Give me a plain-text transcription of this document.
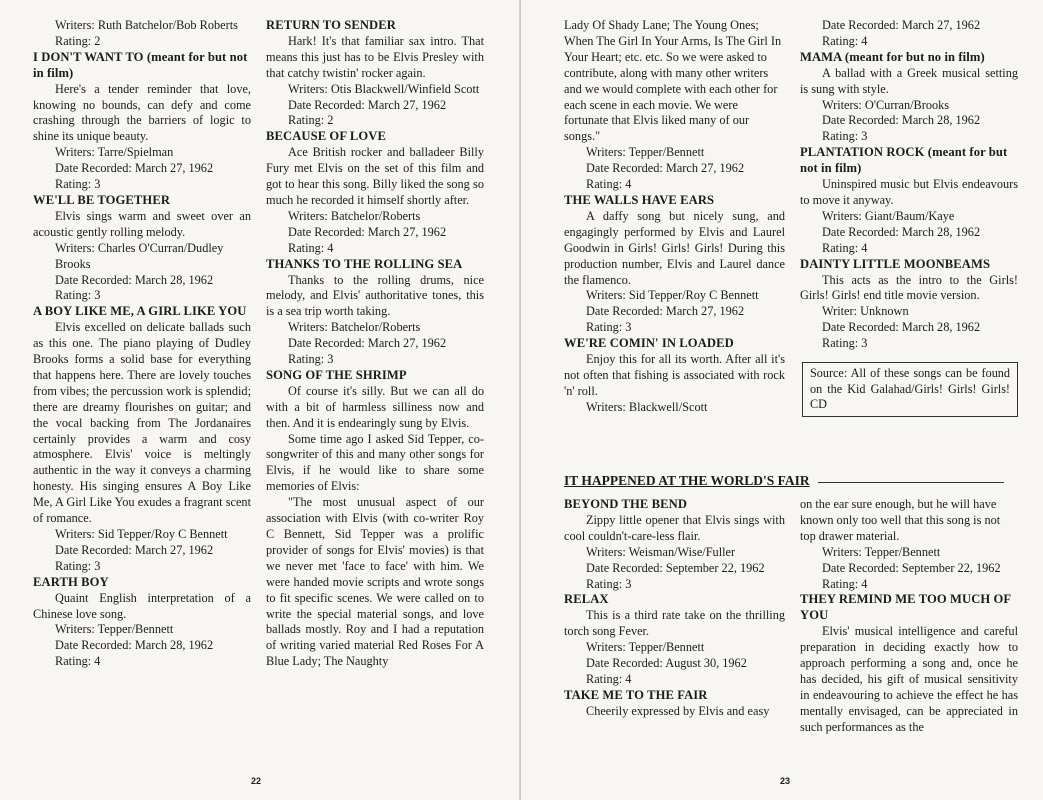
Writers: Ruth Batchelor/Bob Roberts

Rating: 2

I DON'T WANT TO (meant for but not in film)

Here's a tender reminder that love, knowing no bounds, can defy and come crashing through the barriers of logic to shine its unique beauty.

Writers: Tarre/Spielman

Date Recorded: March 27, 1962

Rating: 3

WE'LL BE TOGETHER

Elvis sings warm and sweet over an acoustic gently rolling melody.

Writers: Charles O'Curran/Dudley Brooks

Date Recorded: March 28, 1962

Rating: 3

A BOY LIKE ME, A GIRL LIKE YOU

Elvis excelled on delicate ballads such as this one. The piano playing of Dudley Brooks forms a solid base for everything that happens here. There are lovely touches from vibes; the percussion work is splendid; there are dreamy flourishes on guitar; and the vocal backing from The Jordanaires certainly provides a warm and cosy atmosphere. Elvis' voice is meltingly authentic in the way it conveys a charming honesty. His singing ensures A Boy Like Me, A Girl Like You exudes a fragrant scent of romance.

Writers: Sid Tepper/Roy C Bennett

Date Recorded: March 27, 1962

Rating: 3

EARTH BOY

Quaint English interpretation of a Chinese love song.

Writers: Tepper/Bennett

Date Recorded: March 28, 1962

Rating: 4

RETURN TO SENDER

Hark! It's that familiar sax intro. That means this just has to be Elvis Presley with that catchy twistin' rocker again.

Writers: Otis Blackwell/Winfield Scott

Date Recorded: March 27, 1962

Rating: 2

BECAUSE OF LOVE

Ace British rocker and balladeer Billy Fury met Elvis on the set of this film and got to hear this song. Billy liked the song so much he recorded it himself shortly after.

Writers: Batchelor/Roberts

Date Recorded: March 27, 1962

Rating: 4

THANKS TO THE ROLLING SEA

Thanks to the rolling drums, nice melody, and Elvis' authoritative tones, this is a sea trip worth taking.

Writers: Batchelor/Roberts

Date Recorded: March 27, 1962

Rating: 3

SONG OF THE SHRIMP

Of course it's silly. But we can all do with a bit of harmless silliness now and then. And it is endearingly sung by Elvis.

Some time ago I asked Sid Tepper, co-songwriter of this and many other songs for Elvis, if he would like to share some memories of Elvis:

"The most unusual aspect of our association with Elvis (with co-writer Roy C Bennett, Sid Tepper was a prolific provider of songs for Elvis' movies) is that we never met 'face to face' with him. We were handed movie scripts and wrote songs to fit specific scenes. We were called on to write the special material songs, and love ballads mostly. Roy and I had a reputation of writing varied material Red Roses For A Blue Lady; The Naughty

22

Lady Of Shady Lane; The Young Ones; When The Girl In Your Arms, Is The Girl In Your Heart; etc. etc. So we were asked to contribute, along with many other writers and we would complete with each other for each scene in each movie. We were fortunate that Elvis liked many of our songs."

Writers: Tepper/Bennett

Date Recorded: March 27, 1962

Rating: 4

THE WALLS HAVE EARS

A daffy song but nicely sung, and engagingly performed by Elvis and Laurel Goodwin in Girls! Girls! Girls! During this production number, Elvis and Laurel dance the flamenco.

Writers: Sid Tepper/Roy C Bennett

Date Recorded: March 27, 1962

Rating: 3

WE'RE COMIN' IN LOADED

Enjoy this for all its worth. After all it's not often that fishing is associated with rock 'n' roll.

Writers: Blackwell/Scott

Date Recorded: March 27, 1962

Rating: 4

MAMA (meant for but no in film)

A ballad with a Greek musical setting is sung with style.

Writers: O'Curran/Brooks

Date Recorded: March 28, 1962

Rating: 3

PLANTATION ROCK (meant for but not in film)

Uninspired music but Elvis endeavours to move it anyway.

Writers: Giant/Baum/Kaye

Date Recorded: March 28, 1962

Rating: 4

DAINTY LITTLE MOONBEAMS

This acts as the intro to the Girls! Girls! Girls! end title movie version.

Writer: Unknown

Date Recorded: March 28, 1962

Rating: 3

Source: All of these songs can be found on the Kid Galahad/Girls! Girls! Girls! CD
IT HAPPENED AT THE WORLD'S FAIR

BEYOND THE BEND

Zippy little opener that Elvis sings with cool couldn't-care-less flair.

Writers: Weisman/Wise/Fuller

Date Recorded: September 22, 1962

Rating: 3

RELAX

This is a third rate take on the thrilling torch song Fever.

Writers: Tepper/Bennett

Date Recorded: August 30, 1962

Rating: 4

TAKE ME TO THE FAIR

Cheerily expressed by Elvis and easy

on the ear sure enough, but he will have known only too well that this song is not top drawer material.

Writers: Tepper/Bennett

Date Recorded: September 22, 1962

Rating: 4

THEY REMIND ME TOO MUCH OF YOU

Elvis' musical intelligence and careful preparation in deciding exactly how to approach performing a song and, once he has decided, his gift of musical sensitivity in endeavouring to achieve the effect he has mentally envisaged, can be appreciated in such performances as the

23
